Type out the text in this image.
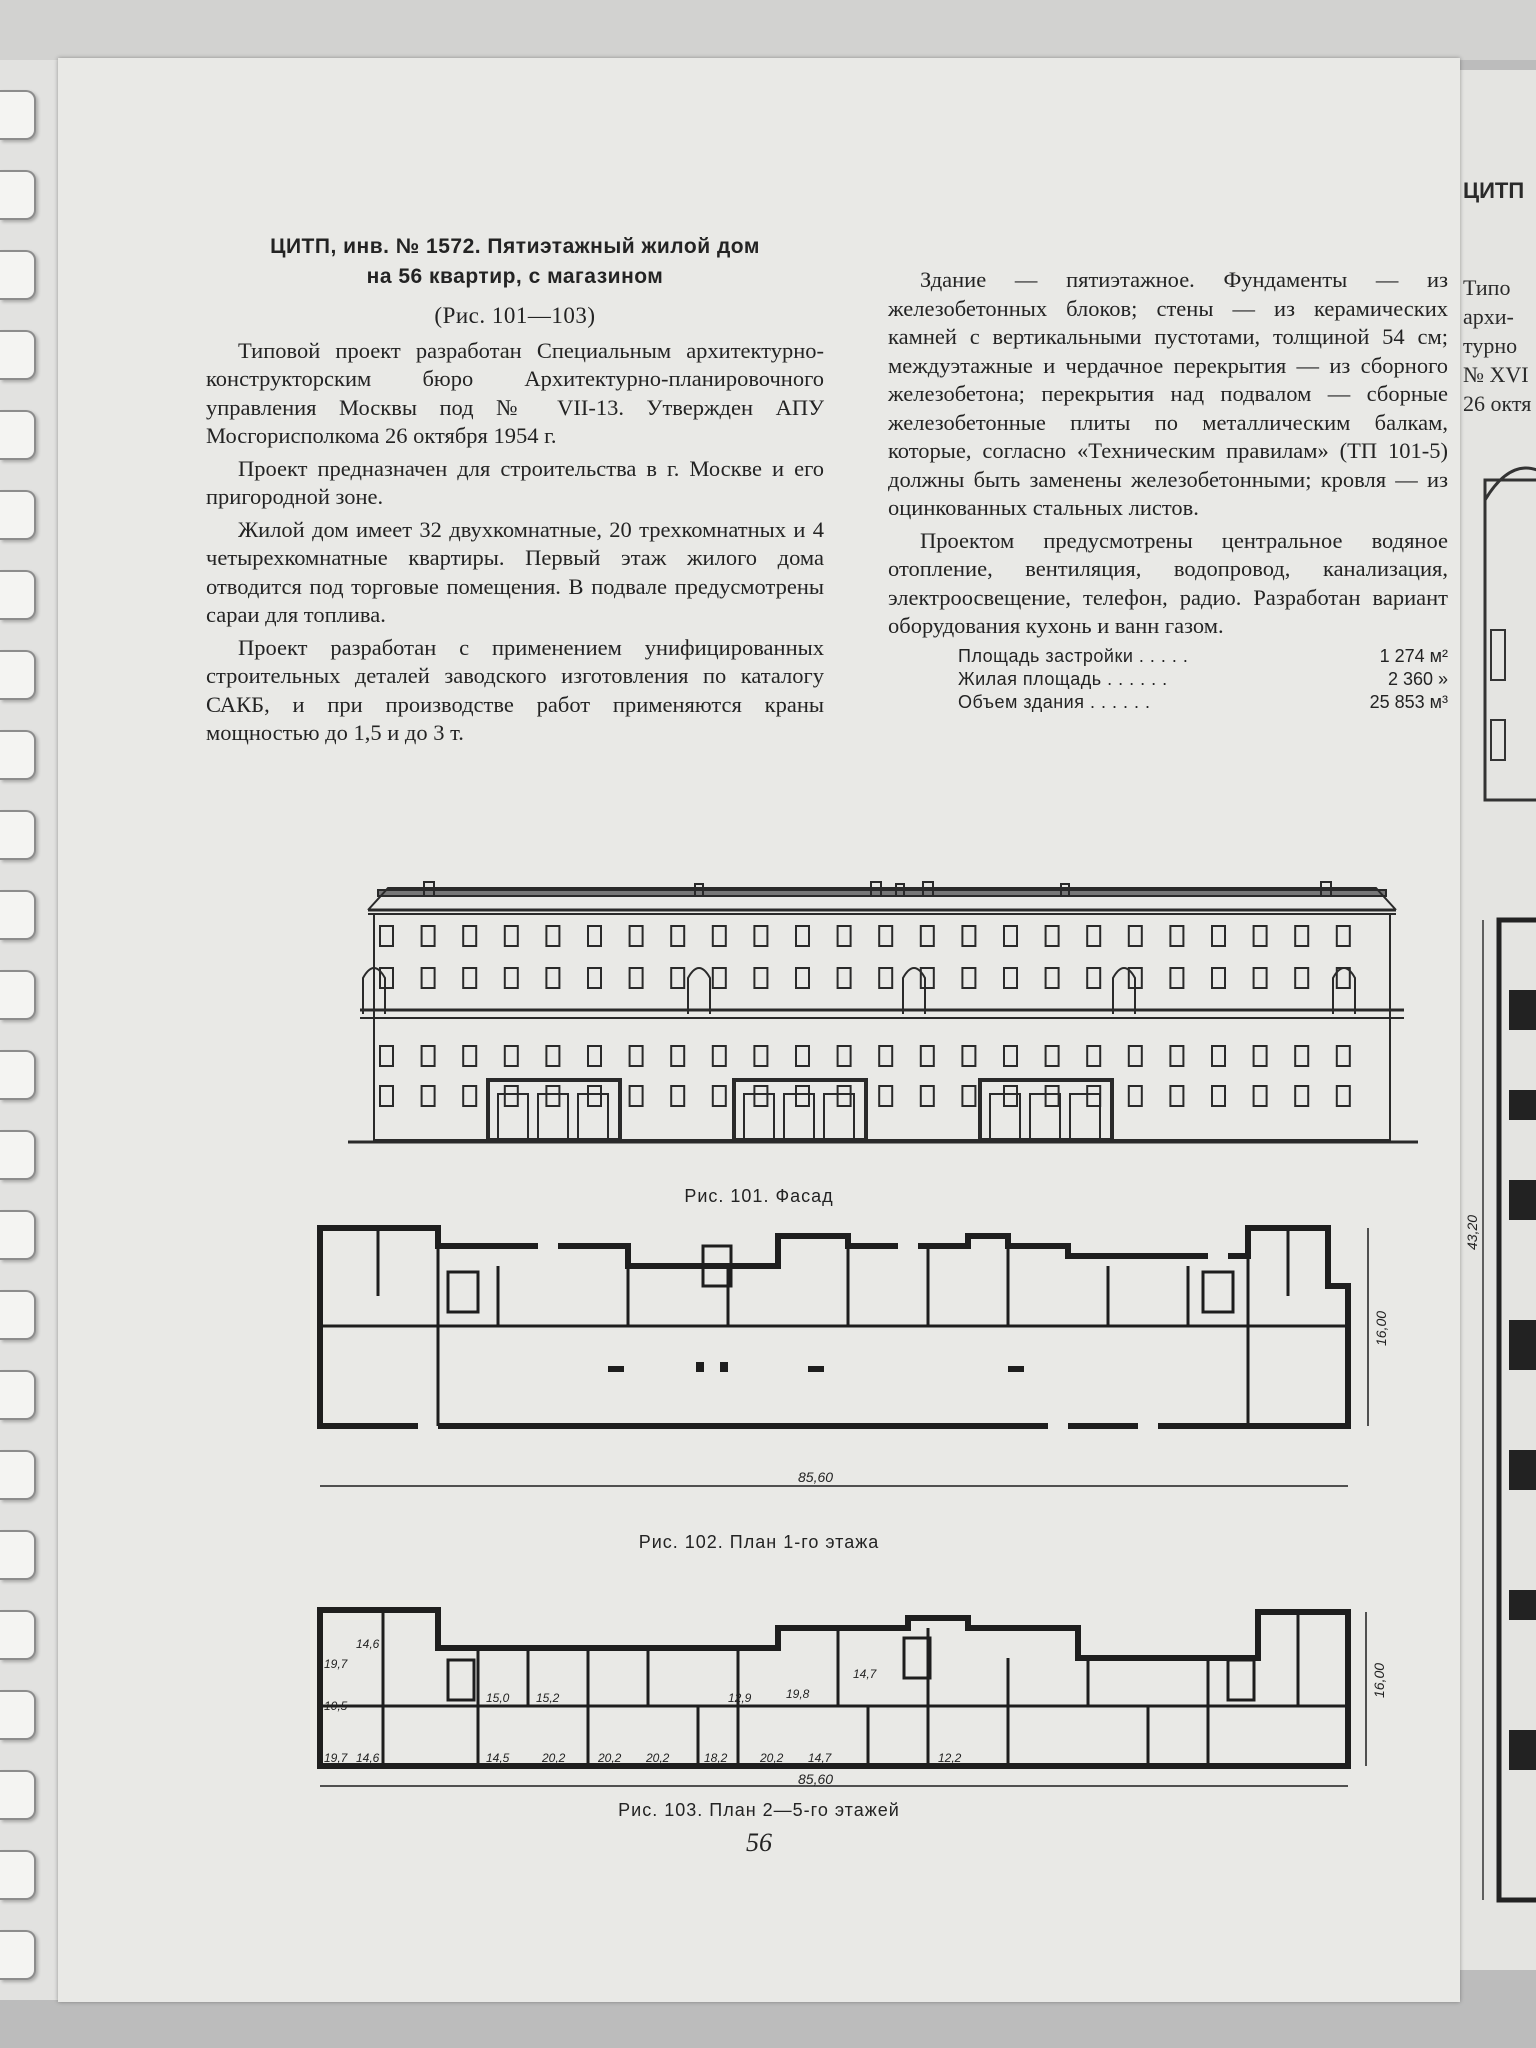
ЦИТП
Типо
архи-
турно
№ XVI
26 октя
43,20
ЦИТП, инв. № 1572. Пятиэтажный жилой дом
на 56 квартир, с магазином
(Рис. 101—103)

Типовой проект разработан Специальным архитектурно-конструкторским бюро Архитектурно-планировочного управления Москвы под № VII-13. Утвержден АПУ Мосгорисполкома 26 октября 1954 г.

Проект предназначен для строительства в г. Москве и его пригородной зоне.

Жилой дом имеет 32 двухкомнатные, 20 трехкомнатных и 4 четырехкомнатные квартиры. Первый этаж жилого дома отводится под торговые помещения. В подвале предусмотрены сараи для топлива.

Проект разработан с применением унифицированных строительных деталей заводского изготовления по каталогу САКБ, и при производстве работ применяются краны мощностью до 1,5 и до 3 т.

Здание — пятиэтажное. Фундаменты — из железобетонных блоков; стены — из керамических камней с вертикальными пустотами, толщиной 54 см; междуэтажные и чердачное перекрытия — из сборного железобетона; перекрытия над подвалом — сборные железобетонные плиты по металлическим балкам, которые, согласно «Техническим правилам» (ТП 101-5) должны быть заменены железобетонными; кровля — из оцинкованных стальных листов.

Проектом предусмотрены центральное водяное отопление, вентиляция, водопровод, канализация, электроосвещение, телефон, радио. Разработан вариант оборудования кухонь и ванн газом.

Площадь застройки . . . . .	1 274 м²
Жилая площадь . . . . . .	2 360 »
Объем здания . . . . . .	25 853 м³
Рис. 101. Фасад
85,60
16,00
Рис. 102. План 1-го этажа
85,60
16,00
19,7
14,6
10,5
15,0 15,2	12,9	19,8
14,7
19,7 14,6	14,5	20,2	20,2 20,2	18,2	20,2 14,7	12,2
Рис. 103. План 2—5-го этажей
56
